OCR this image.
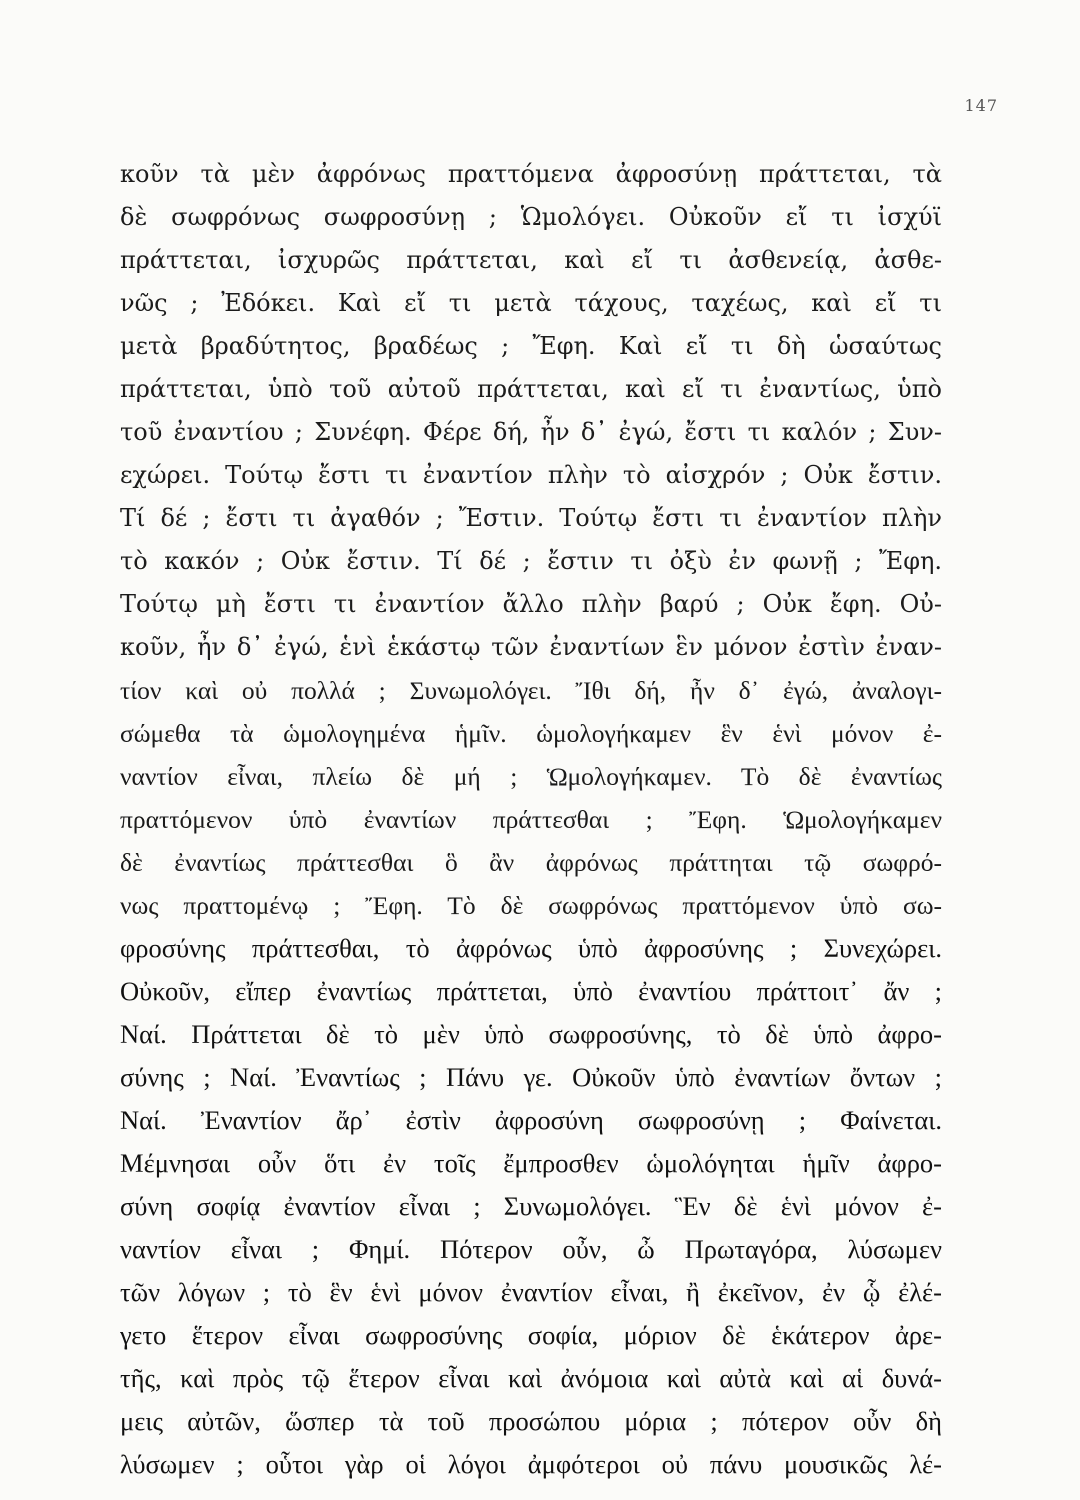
147
κοῦν τὰ μὲν ἀφρόνως πραττόμενα ἀφροσύνῃ πράττεται, τὰ
δὲ σωφρόνως σωφροσύνῃ ; Ὡμολόγει. Οὐκοῦν εἴ τι ἰσχύϊ
πράττεται, ἰσχυρῶς πράττεται, καὶ εἴ τι ἀσθενείᾳ, ἀσθε-
νῶς ; Ἐδόκει. Καὶ εἴ τι μετὰ τάχους, ταχέως, καὶ εἴ τι
μετὰ βραδύτητος, βραδέως ; Ἔφη. Καὶ εἴ τι δὴ ὡσαύτως
πράττεται, ὑπὸ τοῦ αὐτοῦ πράττεται, καὶ εἴ τι ἐναντίως, ὑπὸ
τοῦ ἐναντίου ; Συνέφη. Φέρε δή, ἦν δ᾽ ἐγώ, ἔστι τι καλόν ; Συν-
εχώρει. Τούτῳ ἔστι τι ἐναντίον πλὴν τὸ αἰσχρόν ; Οὐκ ἔστιν.
Τί δέ ; ἔστι τι ἀγαθόν ; Ἔστιν. Τούτῳ ἔστι τι ἐναντίον πλὴν
τὸ κακόν ; Οὐκ ἔστιν. Τί δέ ; ἔστιν τι ὀξὺ ἐν φωνῇ ; Ἔφη.
Τούτῳ μὴ ἔστι τι ἐναντίον ἄλλο πλὴν βαρύ ; Οὐκ ἔφη. Οὐ-
κοῦν, ἦν δ᾽ ἐγώ, ἑνὶ ἑκάστῳ τῶν ἐναντίων ἓν μόνον ἐστὶν ἐναν-
τίον καὶ οὐ πολλά ; Συνωμολόγει. Ἴθι δή, ἦν δ᾽ ἐγώ, ἀναλογι-
σώμεθα τὰ ὡμολογημένα ἡμῖν. ὡμολογήκαμεν ἓν ἑνὶ μόνον ἐ-
ναντίον εἶναι, πλείω δὲ μή ; Ὡμολογήκαμεν. Τὸ δὲ ἐναντίως
πραττόμενον ὑπὸ ἐναντίων πράττεσθαι ; Ἔφη. Ὡμολογήκαμεν
δὲ ἐναντίως πράττεσθαι ὃ ἂν ἀφρόνως πράττηται τῷ σωφρό-
νως πραττομένῳ ; Ἔφη. Τὸ δὲ σωφρόνως πραττόμενον ὑπὸ σω-
φροσύνης πράττεσθαι, τὸ ἀφρόνως ὑπὸ ἀφροσύνης ; Συνεχώρει.
Οὐκοῦν, εἴπερ ἐναντίως πράττεται, ὑπὸ ἐναντίου πράττοιτ᾽ ἄν ;
Ναί. Πράττεται δὲ τὸ μὲν ὑπὸ σωφροσύνης, τὸ δὲ ὑπὸ ἀφρο-
σύνης ; Ναί. Ἐναντίως ; Πάνυ γε. Οὐκοῦν ὑπὸ ἐναντίων ὄντων ;
Ναί. Ἐναντίον ἄρ᾽ ἐστὶν ἀφροσύνη σωφροσύνῃ ; Φαίνεται.
Μέμνησαι οὖν ὅτι ἐν τοῖς ἔμπροσθεν ὡμολόγηται ἡμῖν ἀφρο-
σύνη σοφίᾳ ἐναντίον εἶναι ; Συνωμολόγει. Ἓν δὲ ἑνὶ μόνον ἐ-
ναντίον εἶναι ; Φημί. Πότερον οὖν, ὦ Πρωταγόρα, λύσωμεν
τῶν λόγων ; τὸ ἓν ἑνὶ μόνον ἐναντίον εἶναι, ἢ ἐκεῖνον, ἐν ᾧ ἐλέ-
γετο ἕτερον εἶναι σωφροσύνης σοφία, μόριον δὲ ἑκάτερον ἀρε-
τῆς, καὶ πρὸς τῷ ἕτερον εἶναι καὶ ἀνόμοια καὶ αὐτὰ καὶ αἱ δυνά-
μεις αὐτῶν, ὥσπερ τὰ τοῦ προσώπου μόρια ; πότερον οὖν δὴ
λύσωμεν ; οὗτοι γὰρ οἱ λόγοι ἀμφότεροι οὐ πάνυ μουσικῶς λέ-
